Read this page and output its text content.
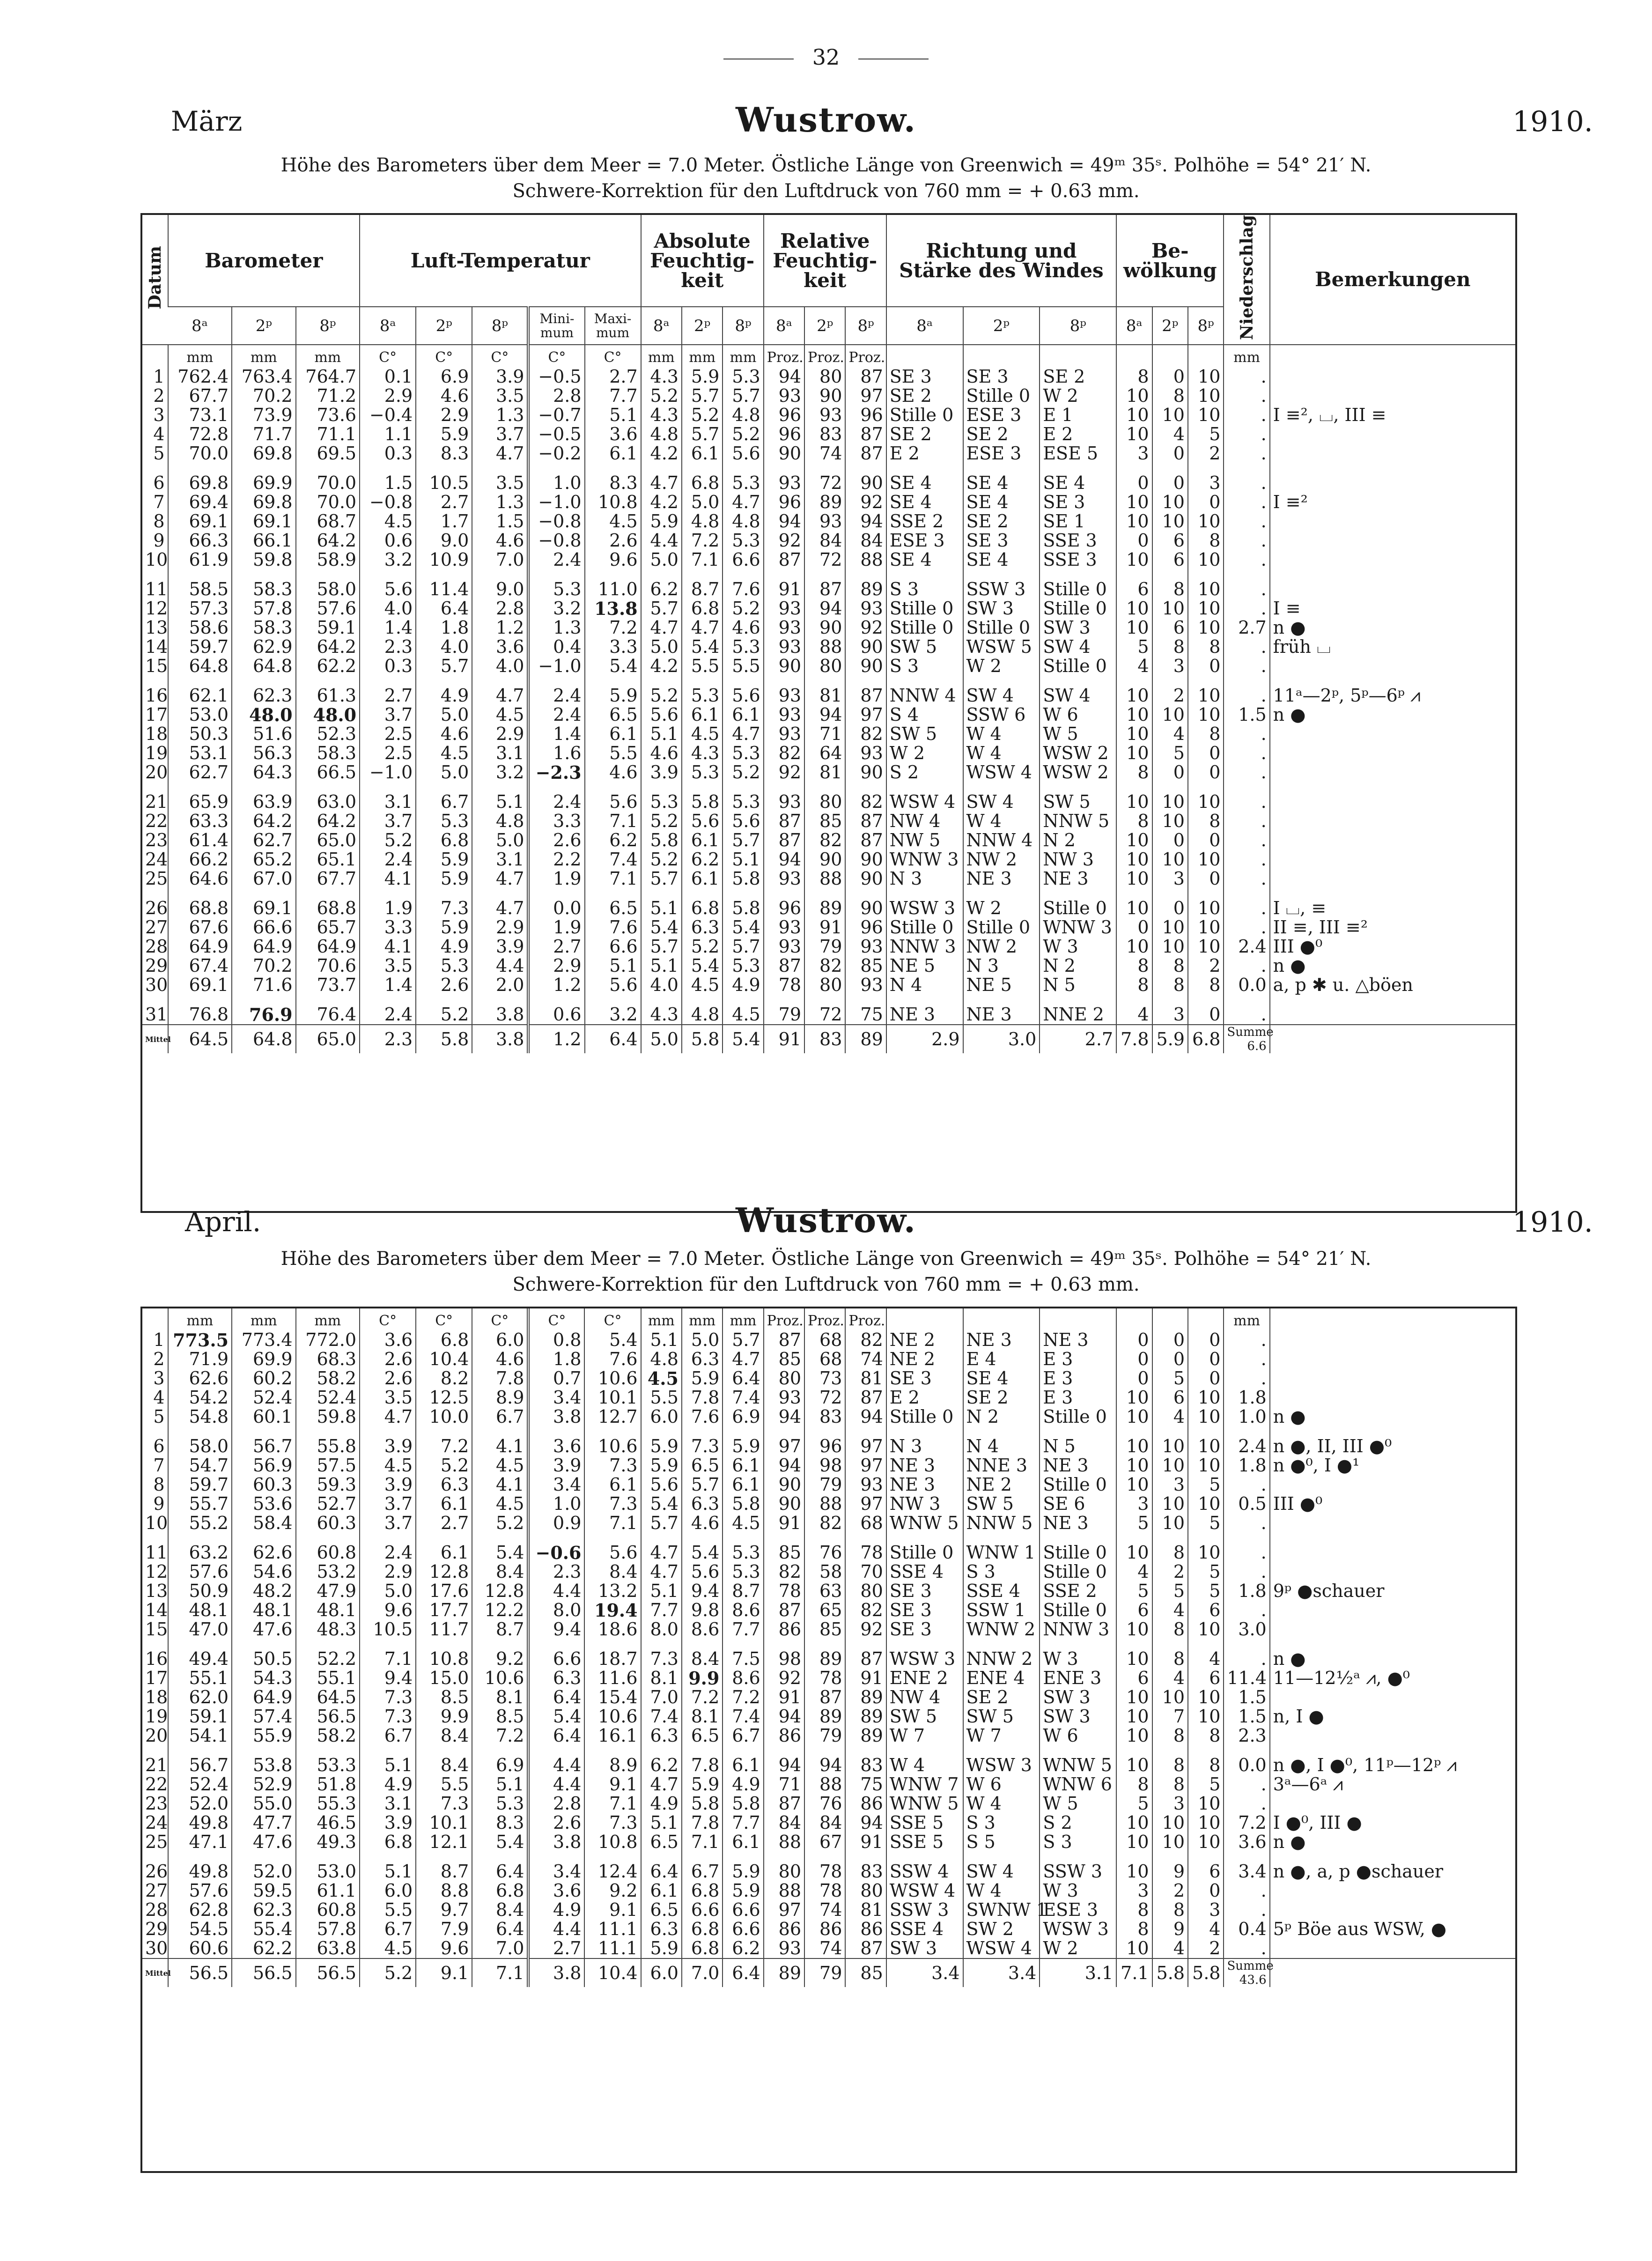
32
März	Wustrow.	1910.
Höhe des Barometers über dem Meer = 7.0 Meter. Östliche Länge von Greenwich = 49ᵐ 35ˢ. Polhöhe = 54° 21′ N.
Schwere-Korrektion für den Luftdruck von 760 mm = + 0.63 mm.
Datum	Barometer			Luft-Temperatur					Absolute Feuchtig- keit			Relative Feuchtig- keit			Richtung und Stärke des Windes			Be- wölkung			Niederschlag	Bemerkungen
	8ᵃ	2ᵖ	8ᵖ	8ᵃ	2ᵖ	8ᵖ	Mini- mum	Maxi- mum	8ᵃ	2ᵖ	8ᵖ	8ᵃ	2ᵖ	8ᵖ	8ᵃ	2ᵖ	8ᵖ	8ᵃ	2ᵖ	8ᵖ		
	mm	mm	mm	C°	C°	C°	C°	C°	mm	mm	mm	Proz.	Proz.	Proz.							mm	
1	762.4	763.4	764.7	0.1	6.9	3.9	−0.5	2.7	4.3	5.9	5.3	94	80	87	SE 3	SE 3	SE 2	8	0	10	.	
2	67.7	70.2	71.2	2.9	4.6	3.5	2.8	7.7	5.2	5.7	5.7	93	90	97	SE 2	Stille 0	W 2	10	8	10	.	
3	73.1	73.9	73.6	−0.4	2.9	1.3	−0.7	5.1	4.3	5.2	4.8	96	93	96	Stille 0	ESE 3	E 1	10	10	10	.	I ≡², ⌴, III ≡
4	72.8	71.7	71.1	1.1	5.9	3.7	−0.5	3.6	4.8	5.7	5.2	96	83	87	SE 2	SE 2	E 2	10	4	5	.	
5	70.0	69.8	69.5	0.3	8.3	4.7	−0.2	6.1	4.2	6.1	5.6	90	74	87	E 2	ESE 3	ESE 5	3	0	2	.	
6	69.8	69.9	70.0	1.5	10.5	3.5	1.0	8.3	4.7	6.8	5.3	93	72	90	SE 4	SE 4	SE 4	0	0	3	.	
7	69.4	69.8	70.0	−0.8	2.7	1.3	−1.0	10.8	4.2	5.0	4.7	96	89	92	SE 4	SE 4	SE 3	10	10	0	.	I ≡²
8	69.1	69.1	68.7	4.5	1.7	1.5	−0.8	4.5	5.9	4.8	4.8	94	93	94	SSE 2	SE 2	SE 1	10	10	10	.	
9	66.3	66.1	64.2	0.6	9.0	4.6	−0.8	2.6	4.4	7.2	5.3	92	84	84	ESE 3	SE 3	SSE 3	0	6	8	.	
10	61.9	59.8	58.9	3.2	10.9	7.0	2.4	9.6	5.0	7.1	6.6	87	72	88	SE 4	SE 4	SSE 3	10	6	10	.	
11	58.5	58.3	58.0	5.6	11.4	9.0	5.3	11.0	6.2	8.7	7.6	91	87	89	S 3	SSW 3	Stille 0	6	8	10	.	
12	57.3	57.8	57.6	4.0	6.4	2.8	3.2	13.8	5.7	6.8	5.2	93	94	93	Stille 0	SW 3	Stille 0	10	10	10	.	I ≡
13	58.6	58.3	59.1	1.4	1.8	1.2	1.3	7.2	4.7	4.7	4.6	93	90	92	Stille 0	Stille 0	SW 3	10	6	10	2.7	n ●
14	59.7	62.9	64.2	2.3	4.0	3.6	0.4	3.3	5.0	5.4	5.3	93	88	90	SW 5	WSW 5	SW 4	5	8	8	.	früh ⌴
15	64.8	64.8	62.2	0.3	5.7	4.0	−1.0	5.4	4.2	5.5	5.5	90	80	90	S 3	W 2	Stille 0	4	3	0	.	
16	62.1	62.3	61.3	2.7	4.9	4.7	2.4	5.9	5.2	5.3	5.6	93	81	87	NNW 4	SW 4	SW 4	10	2	10	.	11ᵃ—2ᵖ, 5ᵖ—6ᵖ ⩘
17	53.0	48.0	48.0	3.7	5.0	4.5	2.4	6.5	5.6	6.1	6.1	93	94	97	S 4	SSW 6	W 6	10	10	10	1.5	n ●
18	50.3	51.6	52.3	2.5	4.6	2.9	1.4	6.1	5.1	4.5	4.7	93	71	82	SW 5	W 4	W 5	10	4	8	.	
19	53.1	56.3	58.3	2.5	4.5	3.1	1.6	5.5	4.6	4.3	5.3	82	64	93	W 2	W 4	WSW 2	10	5	0	.	
20	62.7	64.3	66.5	−1.0	5.0	3.2	−2.3	4.6	3.9	5.3	5.2	92	81	90	S 2	WSW 4	WSW 2	8	0	0	.	
21	65.9	63.9	63.0	3.1	6.7	5.1	2.4	5.6	5.3	5.8	5.3	93	80	82	WSW 4	SW 4	SW 5	10	10	10	.	
22	63.3	64.2	64.2	3.7	5.3	4.8	3.3	7.1	5.2	5.6	5.6	87	85	87	NW 4	W 4	NNW 5	8	10	8	.	
23	61.4	62.7	65.0	5.2	6.8	5.0	2.6	6.2	5.8	6.1	5.7	87	82	87	NW 5	NNW 4	N 2	10	0	0	.	
24	66.2	65.2	65.1	2.4	5.9	3.1	2.2	7.4	5.2	6.2	5.1	94	90	90	WNW 3	NW 2	NW 3	10	10	10	.	
25	64.6	67.0	67.7	4.1	5.9	4.7	1.9	7.1	5.7	6.1	5.8	93	88	90	N 3	NE 3	NE 3	10	3	0	.	
26	68.8	69.1	68.8	1.9	7.3	4.7	0.0	6.5	5.1	6.8	5.8	96	89	90	WSW 3	W 2	Stille 0	10	0	10	.	I ⌴, ≡
27	67.6	66.6	65.7	3.3	5.9	2.9	1.9	7.6	5.4	6.3	5.4	93	91	96	Stille 0	Stille 0	WNW 3	0	10	10	.	II ≡, III ≡²
28	64.9	64.9	64.9	4.1	4.9	3.9	2.7	6.6	5.7	5.2	5.7	93	79	93	NNW 3	NW 2	W 3	10	10	10	2.4	III ●⁰
29	67.4	70.2	70.6	3.5	5.3	4.4	2.9	5.1	5.1	5.4	5.3	87	82	85	NE 5	N 3	N 2	8	8	2	.	n ●
30	69.1	71.6	73.7	1.4	2.6	2.0	1.2	5.6	4.0	4.5	4.9	78	80	93	N 4	NE 5	N 5	8	8	8	0.0	a, p ✱ u. △böen
31	76.8	76.9	76.4	2.4	5.2	3.8	0.6	3.2	4.3	4.8	4.5	79	72	75	NE 3	NE 3	NNE 2	4	3	0	.	
Mittel	64.5	64.8	65.0	2.3	5.8	3.8	1.2	6.4	5.0	5.8	5.4	91	83	89	2.9	3.0	2.7	7.8	5.9	6.8	Summe 6.6	
April.	Wustrow.	1910.
Höhe des Barometers über dem Meer = 7.0 Meter. Östliche Länge von Greenwich = 49ᵐ 35ˢ. Polhöhe = 54° 21′ N.
Schwere-Korrektion für den Luftdruck von 760 mm = + 0.63 mm.
	mm	mm	mm	C°	C°	C°	C°	C°	mm	mm	mm	Proz.	Proz.	Proz.							mm	
1	773.5	773.4	772.0	3.6	6.8	6.0	0.8	5.4	5.1	5.0	5.7	87	68	82	NE 2	NE 3	NE 3	0	0	0	.	
2	71.9	69.9	68.3	2.6	10.4	4.6	1.8	7.6	4.8	6.3	4.7	85	68	74	NE 2	E 4	E 3	0	0	0	.	
3	62.6	60.2	58.2	2.6	8.2	7.8	0.7	10.6	4.5	5.9	6.4	80	73	81	SE 3	SE 4	E 3	0	5	0	.	
4	54.2	52.4	52.4	3.5	12.5	8.9	3.4	10.1	5.5	7.8	7.4	93	72	87	E 2	SE 2	E 3	10	6	10	1.8	
5	54.8	60.1	59.8	4.7	10.0	6.7	3.8	12.7	6.0	7.6	6.9	94	83	94	Stille 0	N 2	Stille 0	10	4	10	1.0	n ●
6	58.0	56.7	55.8	3.9	7.2	4.1	3.6	10.6	5.9	7.3	5.9	97	96	97	N 3	N 4	N 5	10	10	10	2.4	n ●, II, III ●⁰
7	54.7	56.9	57.5	4.5	5.2	4.5	3.9	7.3	5.9	6.5	6.1	94	98	97	NE 3	NNE 3	NE 3	10	10	10	1.8	n ●⁰, I ●¹
8	59.7	60.3	59.3	3.9	6.3	4.1	3.4	6.1	5.6	5.7	6.1	90	79	93	NE 3	NE 2	Stille 0	10	3	5	.	
9	55.7	53.6	52.7	3.7	6.1	4.5	1.0	7.3	5.4	6.3	5.8	90	88	97	NW 3	SW 5	SE 6	3	10	10	0.5	III ●⁰
10	55.2	58.4	60.3	3.7	2.7	5.2	0.9	7.1	5.7	4.6	4.5	91	82	68	WNW 5	NNW 5	NE 3	5	10	5	.	
11	63.2	62.6	60.8	2.4	6.1	5.4	−0.6	5.6	4.7	5.4	5.3	85	76	78	Stille 0	WNW 1	Stille 0	10	8	10	.	
12	57.6	54.6	53.2	2.9	12.8	8.4	2.3	8.4	4.7	5.6	5.3	82	58	70	SSE 4	S 3	Stille 0	4	2	5	.	
13	50.9	48.2	47.9	5.0	17.6	12.8	4.4	13.2	5.1	9.4	8.7	78	63	80	SE 3	SSE 4	SSE 2	5	5	5	1.8	9ᵖ ●schauer
14	48.1	48.1	48.1	9.6	17.7	12.2	8.0	19.4	7.7	9.8	8.6	87	65	82	SE 3	SSW 1	Stille 0	6	4	6	.	
15	47.0	47.6	48.3	10.5	11.7	8.7	9.4	18.6	8.0	8.6	7.7	86	85	92	SE 3	WNW 2	NNW 3	10	8	10	3.0	
16	49.4	50.5	52.2	7.1	10.8	9.2	6.6	18.7	7.3	8.4	7.5	98	89	87	WSW 3	NNW 2	W 3	10	8	4	.	n ●
17	55.1	54.3	55.1	9.4	15.0	10.6	6.3	11.6	8.1	9.9	8.6	92	78	91	ENE 2	ENE 4	ENE 3	6	4	6	11.4	11—12½ᵃ ⩘, ●⁰
18	62.0	64.9	64.5	7.3	8.5	8.1	6.4	15.4	7.0	7.2	7.2	91	87	89	NW 4	SE 2	SW 3	10	10	10	1.5	
19	59.1	57.4	56.5	7.3	9.9	8.5	5.4	10.6	7.4	8.1	7.4	94	89	89	SW 5	SW 5	SW 3	10	7	10	1.5	n, I ●
20	54.1	55.9	58.2	6.7	8.4	7.2	6.4	16.1	6.3	6.5	6.7	86	79	89	W 7	W 7	W 6	10	8	8	2.3	
21	56.7	53.8	53.3	5.1	8.4	6.9	4.4	8.9	6.2	7.8	6.1	94	94	83	W 4	WSW 3	WNW 5	10	8	8	0.0	n ●, I ●⁰, 11ᵖ—12ᵖ ⩘
22	52.4	52.9	51.8	4.9	5.5	5.1	4.4	9.1	4.7	5.9	4.9	71	88	75	WNW 7	W 6	WNW 6	8	8	5	.	3ᵃ—6ᵃ ⩘
23	52.0	55.0	55.3	3.1	7.3	5.3	2.8	7.1	4.9	5.8	5.8	87	76	86	WNW 5	W 4	W 5	5	3	10	.	
24	49.8	47.7	46.5	3.9	10.1	8.3	2.6	7.3	5.1	7.8	7.7	84	84	94	SSE 5	S 3	S 2	10	10	10	7.2	I ●⁰, III ●
25	47.1	47.6	49.3	6.8	12.1	5.4	3.8	10.8	6.5	7.1	6.1	88	67	91	SSE 5	S 5	S 3	10	10	10	3.6	n ●
26	49.8	52.0	53.0	5.1	8.7	6.4	3.4	12.4	6.4	6.7	5.9	80	78	83	SSW 4	SW 4	SSW 3	10	9	6	3.4	n ●, a, p ●schauer
27	57.6	59.5	61.1	6.0	8.8	6.8	3.6	9.2	6.1	6.8	5.9	88	78	80	WSW 4	W 4	W 3	3	2	0	.	
28	62.8	62.3	60.8	5.5	9.7	8.4	4.9	9.1	6.5	6.6	6.6	97	74	81	SSW 3	SWNW 1	ESE 3	8	8	3	.	
29	54.5	55.4	57.8	6.7	7.9	6.4	4.4	11.1	6.3	6.8	6.6	86	86	86	SSE 4	SW 2	WSW 3	8	9	4	0.4	5ᵖ Böe aus WSW, ●
30	60.6	62.2	63.8	4.5	9.6	7.0	2.7	11.1	5.9	6.8	6.2	93	74	87	SW 3	WSW 4	W 2	10	4	2	.	
Mittel	56.5	56.5	56.5	5.2	9.1	7.1	3.8	10.4	6.0	7.0	6.4	89	79	85	3.4	3.4	3.1	7.1	5.8	5.8	Summe 43.6	
